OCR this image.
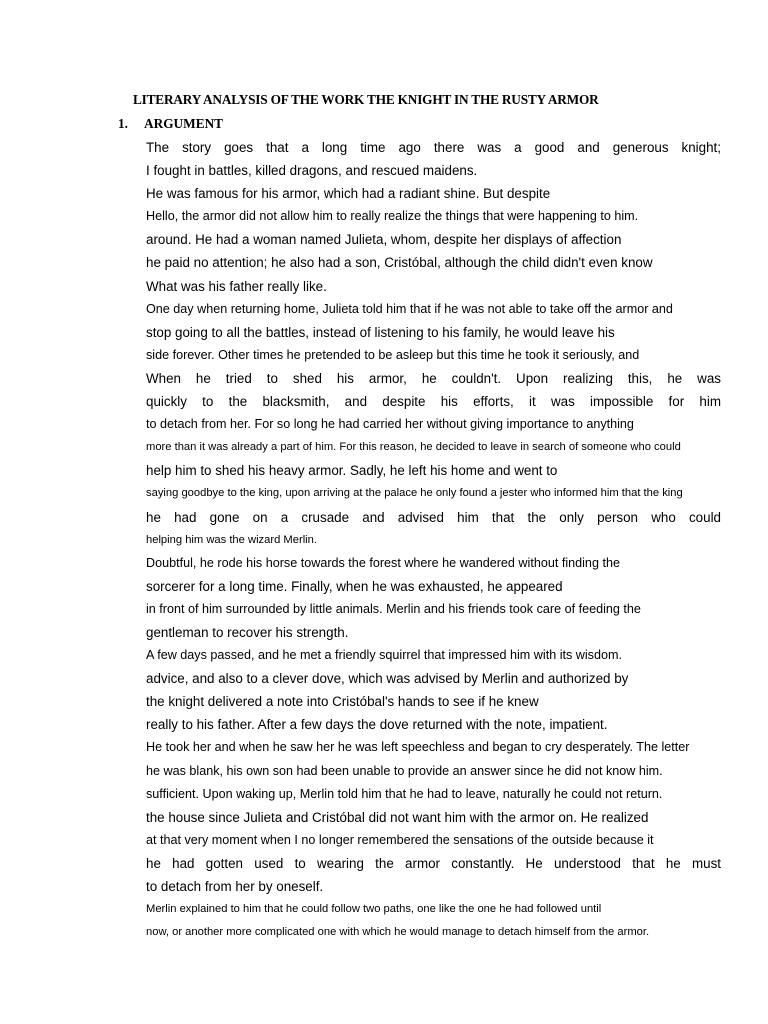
LITERARY ANALYSIS OF THE WORK THE KNIGHT IN THE RUSTY ARMOR
1. ARGUMENT
The story goes that a long time ago there was a good and generous knight;
I fought in battles, killed dragons, and rescued maidens.
He was famous for his armor, which had a radiant shine. But despite
Hello, the armor did not allow him to really realize the things that were happening to him.
around. He had a woman named Julieta, whom, despite her displays of affection
he paid no attention; he also had a son, Cristóbal, although the child didn't even know
What was his father really like.
One day when returning home, Julieta told him that if he was not able to take off the armor and
stop going to all the battles, instead of listening to his family, he would leave his
side forever. Other times he pretended to be asleep but this time he took it seriously, and
When he tried to shed his armor, he couldn't. Upon realizing this, he was
quickly to the blacksmith, and despite his efforts, it was impossible for him
to detach from her. For so long he had carried her without giving importance to anything
more than it was already a part of him. For this reason, he decided to leave in search of someone who could
help him to shed his heavy armor. Sadly, he left his home and went to
saying goodbye to the king, upon arriving at the palace he only found a jester who informed him that the king
he had gone on a crusade and advised him that the only person who could
helping him was the wizard Merlin.
Doubtful, he rode his horse towards the forest where he wandered without finding the
sorcerer for a long time. Finally, when he was exhausted, he appeared
in front of him surrounded by little animals. Merlin and his friends took care of feeding the
gentleman to recover his strength.
A few days passed, and he met a friendly squirrel that impressed him with its wisdom.
advice, and also to a clever dove, which was advised by Merlin and authorized by
the knight delivered a note into Cristóbal's hands to see if he knew
really to his father. After a few days the dove returned with the note, impatient.
He took her and when he saw her he was left speechless and began to cry desperately. The letter
he was blank, his own son had been unable to provide an answer since he did not know him.
sufficient. Upon waking up, Merlin told him that he had to leave, naturally he could not return.
the house since Julieta and Cristóbal did not want him with the armor on. He realized
at that very moment when I no longer remembered the sensations of the outside because it
he had gotten used to wearing the armor constantly. He understood that he must
to detach from her by oneself.
Merlin explained to him that he could follow two paths, one like the one he had followed until
now, or another more complicated one with which he would manage to detach himself from the armor.
